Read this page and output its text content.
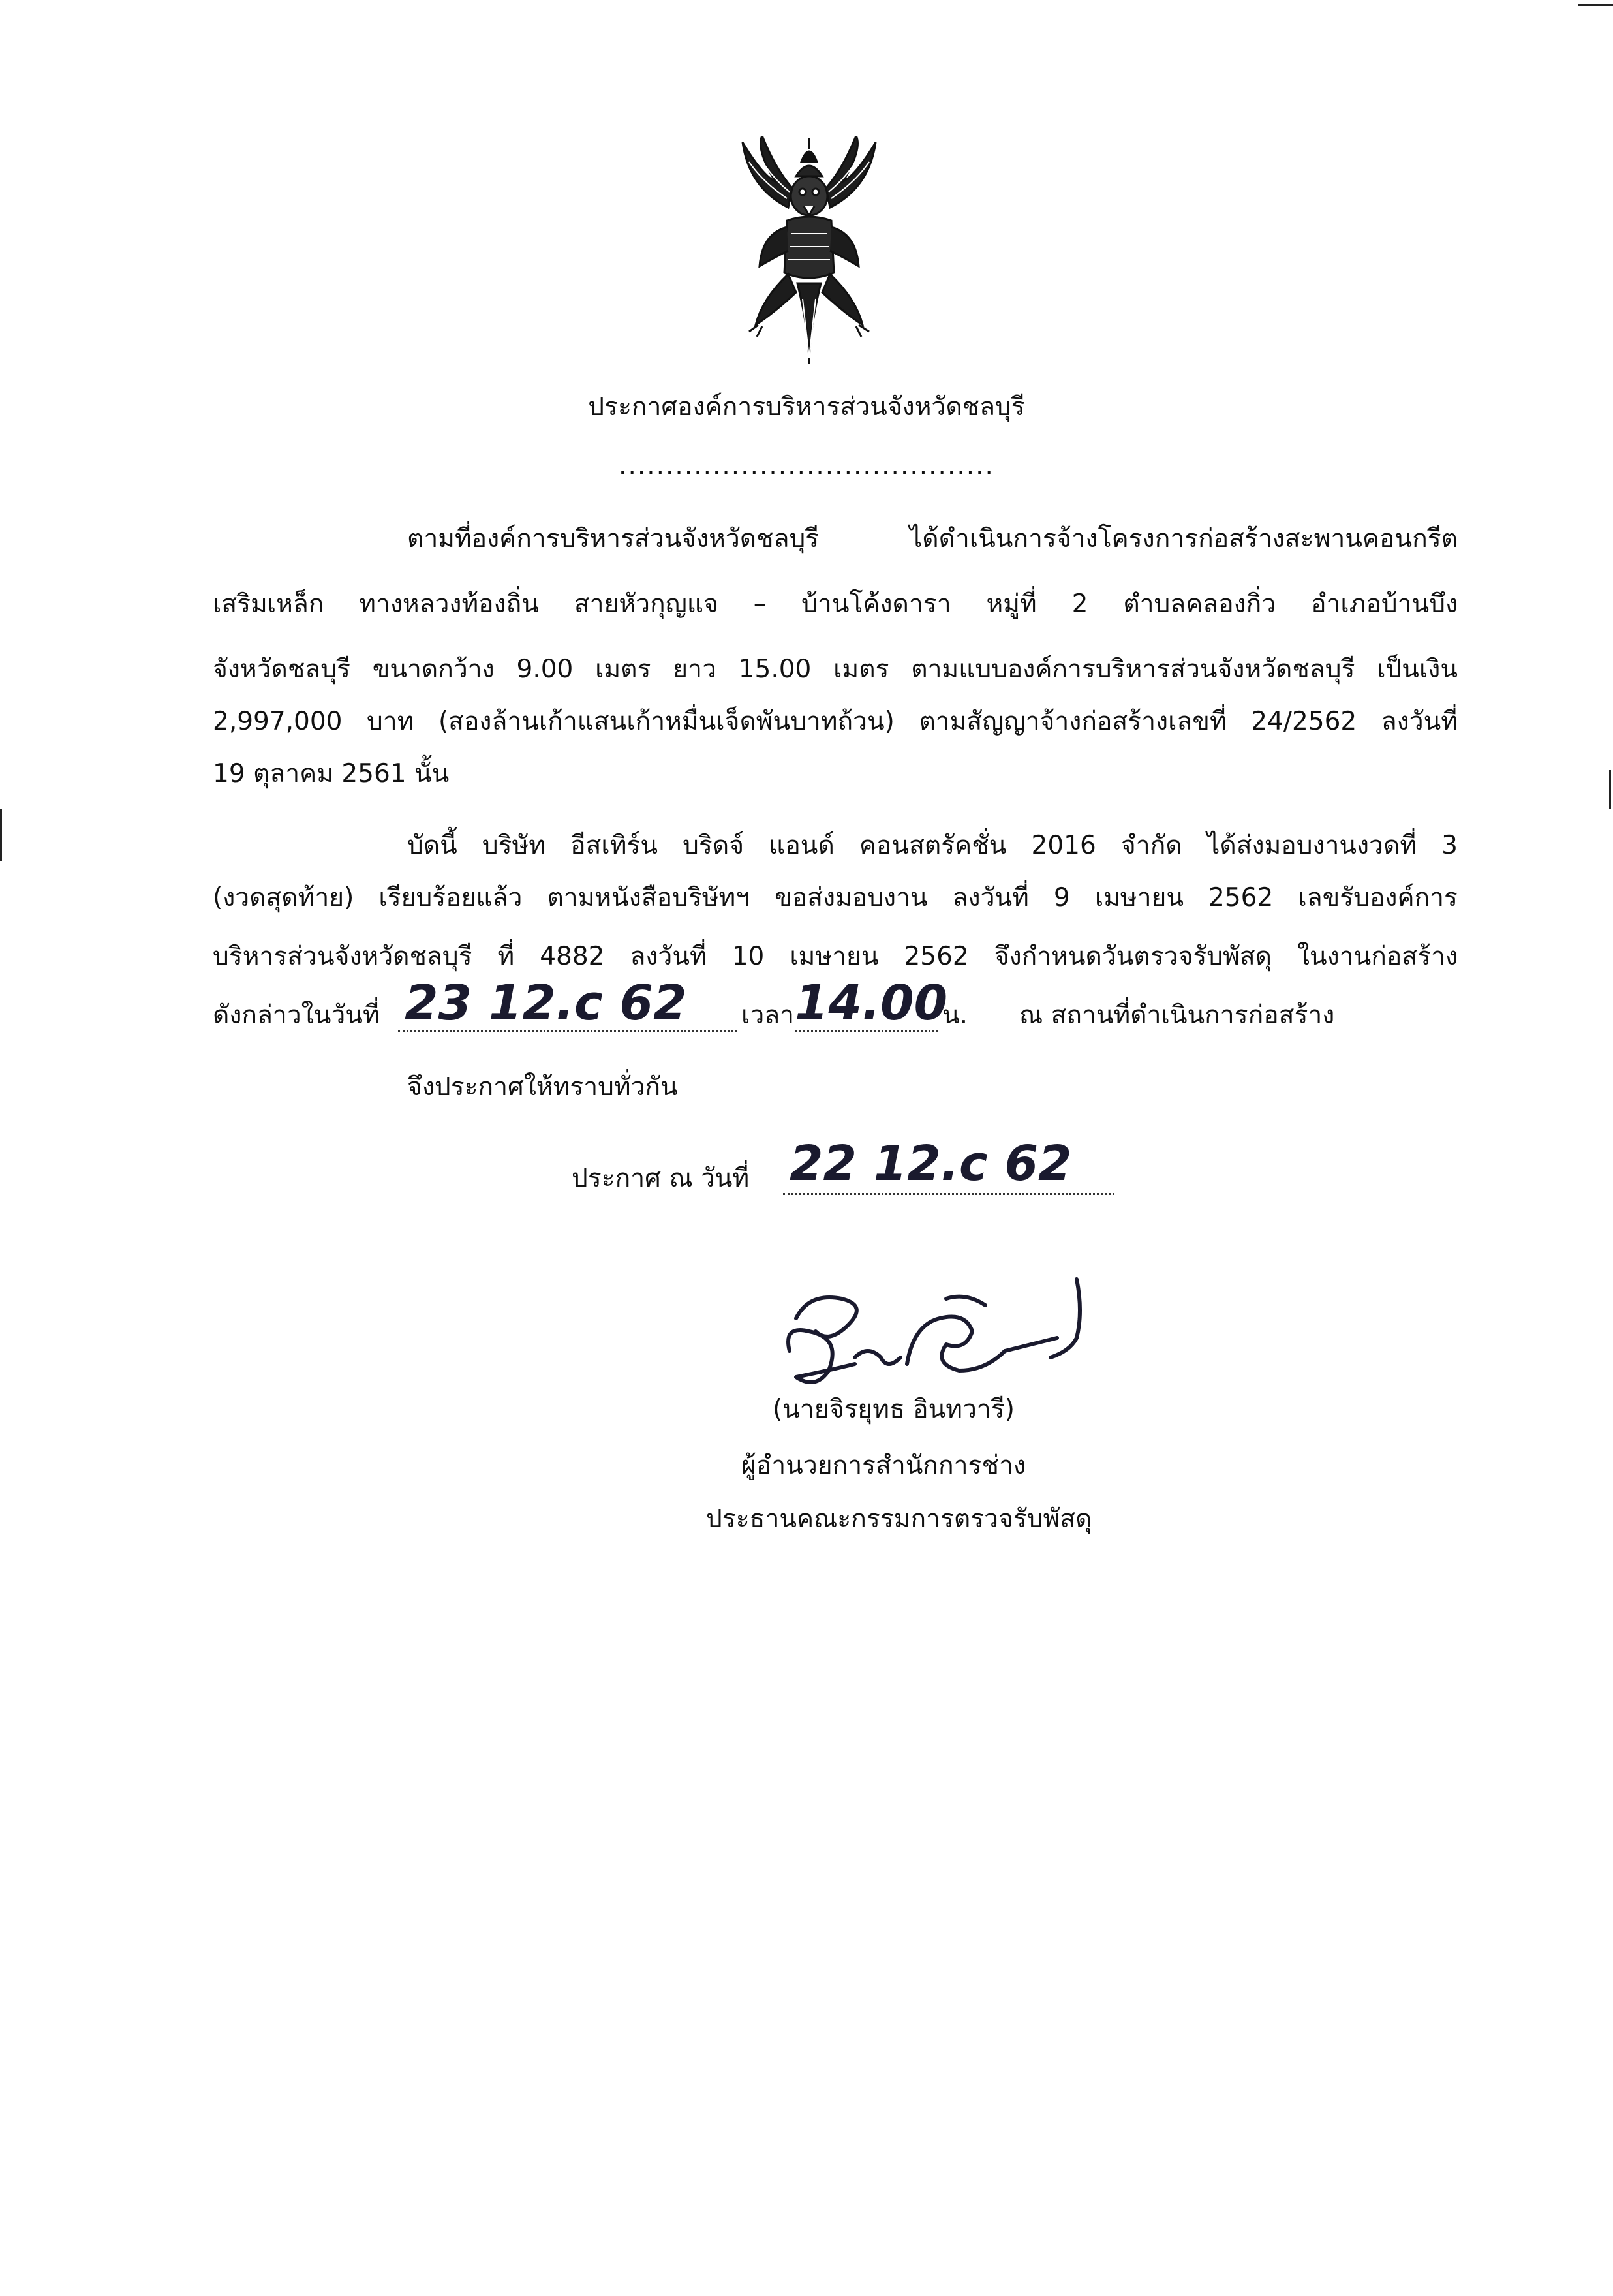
ประกาศองค์การบริหารส่วนจังหวัดชลบุรี
........................................
ตามที่องค์การบริหารส่วนจังหวัดชลบุรี ได้ดำเนินการจ้างโครงการก่อสร้างสะพานคอนกรีต
เสริมเหล็ก ทางหลวงท้องถิ่น สายหัวกุญแจ – บ้านโค้งดารา หมู่ที่ 2 ตำบลคลองกิ่ว อำเภอบ้านบึง
จังหวัดชลบุรี ขนาดกว้าง 9.00 เมตร ยาว 15.00 เมตร ตามแบบองค์การบริหารส่วนจังหวัดชลบุรี เป็นเงิน
2,997,000 บาท (สองล้านเก้าแสนเก้าหมื่นเจ็ดพันบาทถ้วน) ตามสัญญาจ้างก่อสร้างเลขที่ 24/2562 ลงวันที่
19 ตุลาคม 2561 นั้น
บัดนี้ บริษัท อีสเทิร์น บริดจ์ แอนด์ คอนสตรัคชั่น 2016 จำกัด ได้ส่งมอบงานงวดที่ 3
(งวดสุดท้าย) เรียบร้อยแล้ว ตามหนังสือบริษัทฯ ขอส่งมอบงาน ลงวันที่ 9 เมษายน 2562 เลขรับองค์การ
บริหารส่วนจังหวัดชลบุรี ที่ 4882 ลงวันที่ 10 เมษายน 2562 จึงกำหนดวันตรวจรับพัสดุ ในงานก่อสร้าง
ดังกล่าวในวันที่ 23 12.c 62 เวลา 14.00
น. ณ สถานที่ดำเนินการก่อสร้าง
จึงประกาศให้ทราบทั่วกัน
ประกาศ ณ วันที่ 22 12.c 62
(นายจิรยุทธ อินทวารี)
ผู้อำนวยการสำนักการช่าง
ประธานคณะกรรมการตรวจรับพัสดุ
